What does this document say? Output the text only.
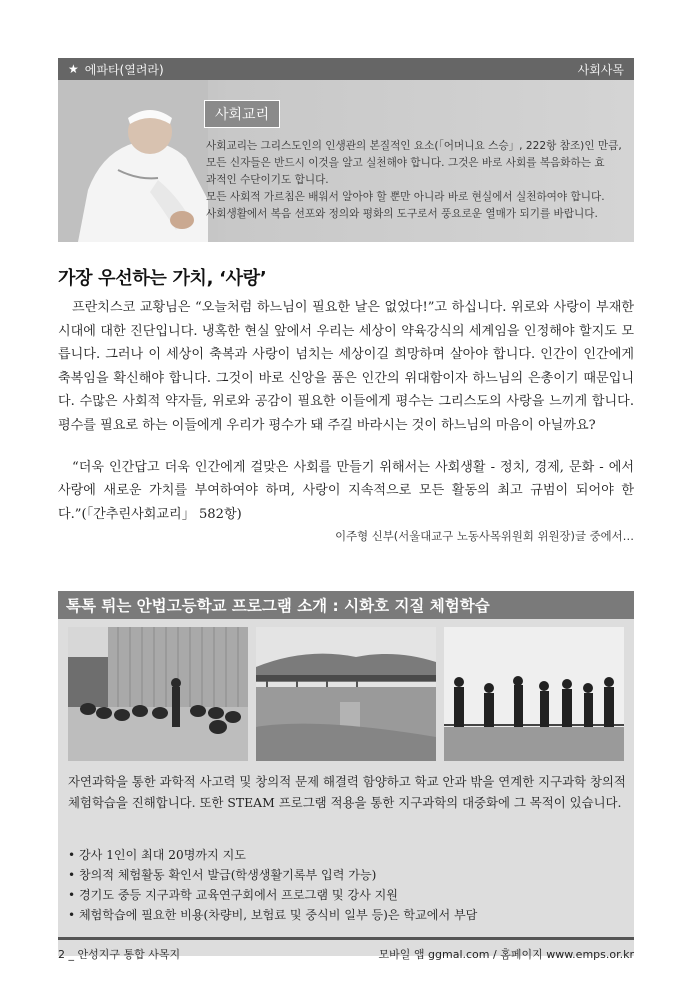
★ 에파타(열려라)	사회사목
사회교리
사회교리는 그리스도인의 인생관의 본질적인 요소(「어머니요 스승」, 222항 참조)인 만큼,
모든 신자들은 반드시 이것을 알고 실천해야 합니다. 그것은 바로 사회를 복음화하는 효
과적인 수단이기도 합니다.
모든 사회적 가르침은 배워서 알아야 할 뿐만 아니라 바로 현실에서 실천하여야 합니다.
사회생활에서 복음 선포와 정의와 평화의 도구로서 풍요로운 열매가 되기를 바랍니다.
가장 우선하는 가치, ‘사랑’
프란치스코 교황님은 “오늘처럼 하느님이 필요한 날은 없었다!”고 하십니다. 위로와 사랑이 부재한 시대에 대한 진단입니다. 냉혹한 현실 앞에서 우리는 세상이 약육강식의 세계임을 인정해야 할지도 모릅니다. 그러나 이 세상이 축복과 사랑이 넘치는 세상이길 희망하며 살아야 합니다. 인간이 인간에게 축복임을 확신해야 합니다. 그것이 바로 신앙을 품은 인간의 위대함이자 하느님의 은총이기 때문입니다. 수많은 사회적 약자들, 위로와 공감이 필요한 이들에게 평수는 그리스도의 사랑을 느끼게 합니다. 평수를 필요로 하는 이들에게 우리가 평수가 돼 주길 바라시는 것이 하느님의 마음이 아닐까요?
“더욱 인간답고 더욱 인간에게 걸맞은 사회를 만들기 위해서는 사회생활 - 정치, 경제, 문화 - 에서 사랑에 새로운 가치를 부여하여야 하며, 사랑이 지속적으로 모든 활동의 최고 규범이 되어야 한다.”(「간추린사회교리」 582항)
이주형 신부(서울대교구 노동사목위원회 위원장)글 중에서…
톡톡 튀는 안법고등학교 프로그램 소개 : 시화호 지질 체험학습
자연과학을 통한 과학적 사고력 및 창의적 문제 해결력 함양하고 학교 안과 밖을 연계한 지구과학 창의적 체험학습을 진해합니다. 또한 STEAM 프로그램 적용을 통한 지구과학의 대중화에 그 목적이 있습니다.
• 강사 1인이 최대 20명까지 지도
• 창의적 체험활동 확인서 발급(학생생활기록부 입력 가능)
• 경기도 중등 지구과학 교육연구회에서 프로그램 및 강사 지원
• 체험학습에 필요한 비용(차량비, 보험료 및 중식비 일부 등)은 학교에서 부담
2 _ 안성지구 통합 사목지	모바일 앱 ggmal.com / 홈페이지 www.emps.or.kr
